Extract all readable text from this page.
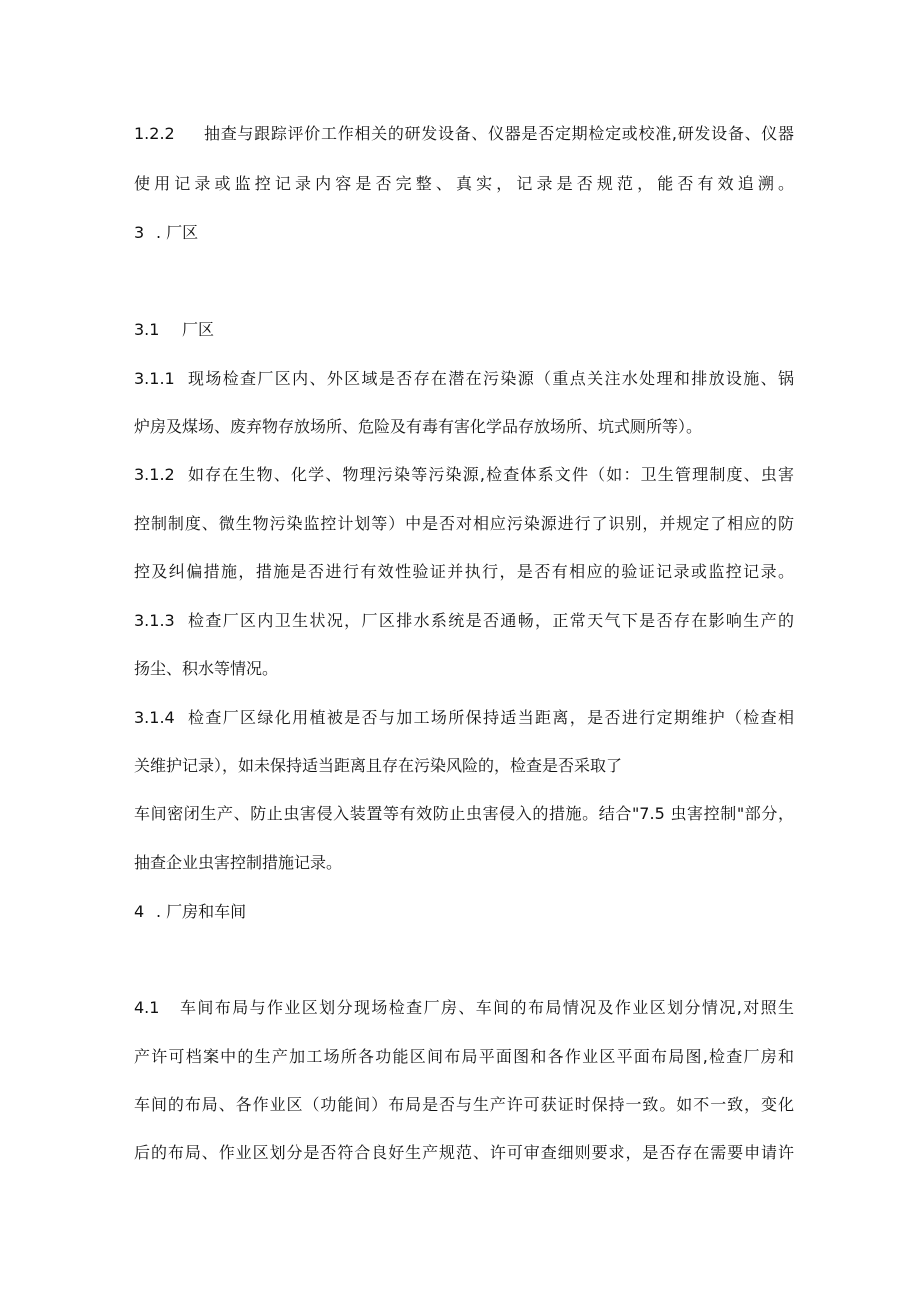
1.2.2	抽查与跟踪评价工作相关的研发设备、仪器是否定期检定或校准,研发设备、仪器

使用记录或监控记录内容是否完整、真实，记录是否规范，能否有效追溯。

3 . 厂区

3.1 厂区

3.1.1 现场检查厂区内、外区域是否存在潜在污染源（重点关注水处理和排放设施、锅

炉房及煤场、废弃物存放场所、危险及有毒有害化学品存放场所、坑式厕所等）。

3.1.2 如存在生物、化学、物理污染等污染源,检查体系文件（如：卫生管理制度、虫害

控制制度、微生物污染监控计划等）中是否对相应污染源进行了识别，并规定了相应的防

控及纠偏措施，措施是否进行有效性验证并执行，是否有相应的验证记录或监控记录。

3.1.3 检查厂区内卫生状况，厂区排水系统是否通畅，正常天气下是否存在影响生产的

扬尘、积水等情况。

3.1.4 检查厂区绿化用植被是否与加工场所保持适当距离，是否进行定期维护（检查相

关维护记录），如未保持适当距离且存在污染风险的，检查是否采取了

车间密闭生产、防止虫害侵入装置等有效防止虫害侵入的措施。结合"7.5 虫害控制"部分，

抽查企业虫害控制措施记录。

4 . 厂房和车间

4.1	车间布局与作业区划分现场检查厂房、车间的布局情况及作业区划分情况,对照生

产许可档案中的生产加工场所各功能区间布局平面图和各作业区平面布局图,检查厂房和

车间的布局、各作业区（功能间）布局是否与生产许可获证时保持一致。如不一致，变化

后的布局、作业区划分是否符合良好生产规范、许可审查细则要求，是否存在需要申请许
